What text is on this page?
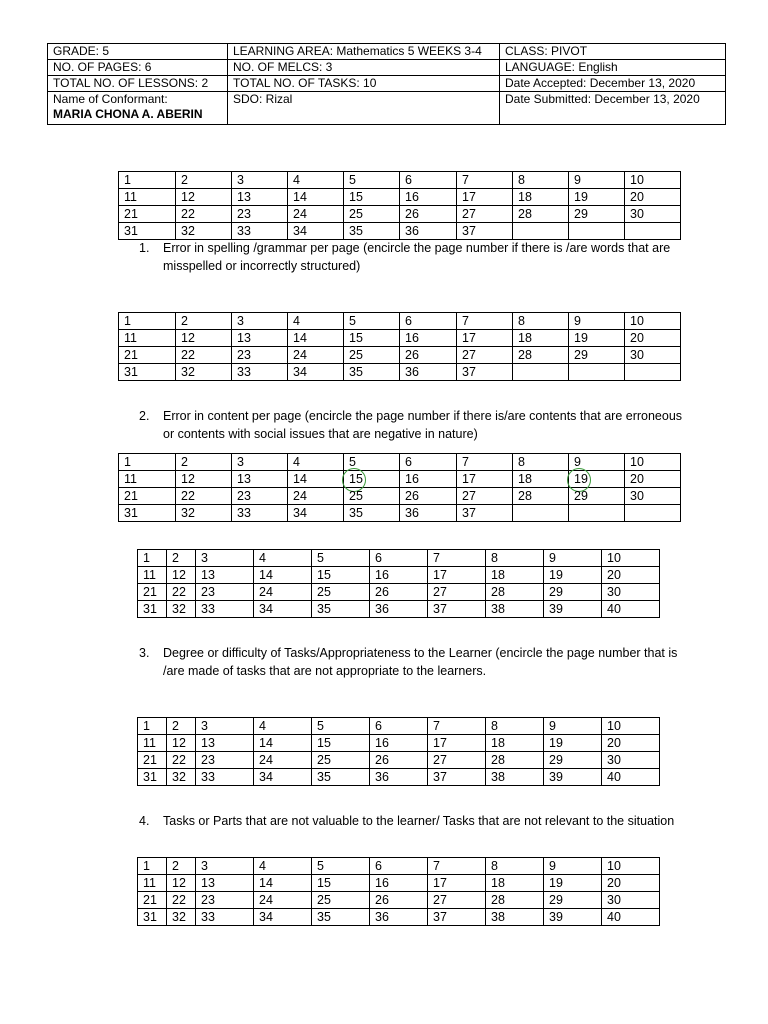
GRADE: 5	LEARNING AREA: Mathematics 5 WEEKS 3-4	CLASS: PIVOT
NO. OF PAGES: 6	NO. OF MELCS: 3	LANGUAGE: English
TOTAL NO. OF LESSONS: 2	TOTAL NO. OF TASKS: 10	Date Accepted: December 13, 2020

Name of Conformant:
MARIA CHONA A. ABERIN	SDO: Rizal	Date Submitted: December 13, 2020
1	2	3	4	5	6	7	8	9	10
11	12	13	14	15	16	17	18	19	20
21	22	23	24	25	26	27	28	29	30
31	32	33	34	35	36	37			
1. Error in spelling /grammar per page (encircle the page number if there is /are words that are misspelled or incorrectly structured)
1	2	3	4	5	6	7	8	9	10
11	12	13	14	15	16	17	18	19	20
21	22	23	24	25	26	27	28	29	30
31	32	33	34	35	36	37			
2. Error in content per page (encircle the page number if there is/are contents that are erroneous or contents with social issues that are negative in nature)
1	2	3	4	5	6	7	8	9	10
11	12	13	14	15	16	17	18	19	20
21	22	23	24	25	26	27	28	29	30
31	32	33	34	35	36	37			
1	2	3	4	5	6	7	8	9	10
11	12	13	14	15	16	17	18	19	20
21	22	23	24	25	26	27	28	29	30
31	32	33	34	35	36	37	38	39	40
3. Degree or difficulty of Tasks/Appropriateness to the Learner (encircle the page number that is /are made of tasks that are not appropriate to the learners.
1	2	3	4	5	6	7	8	9	10
11	12	13	14	15	16	17	18	19	20
21	22	23	24	25	26	27	28	29	30
31	32	33	34	35	36	37	38	39	40
4. Tasks or Parts that are not valuable to the learner/ Tasks that are not relevant to the situation
1	2	3	4	5	6	7	8	9	10
11	12	13	14	15	16	17	18	19	20
21	22	23	24	25	26	27	28	29	30
31	32	33	34	35	36	37	38	39	40
